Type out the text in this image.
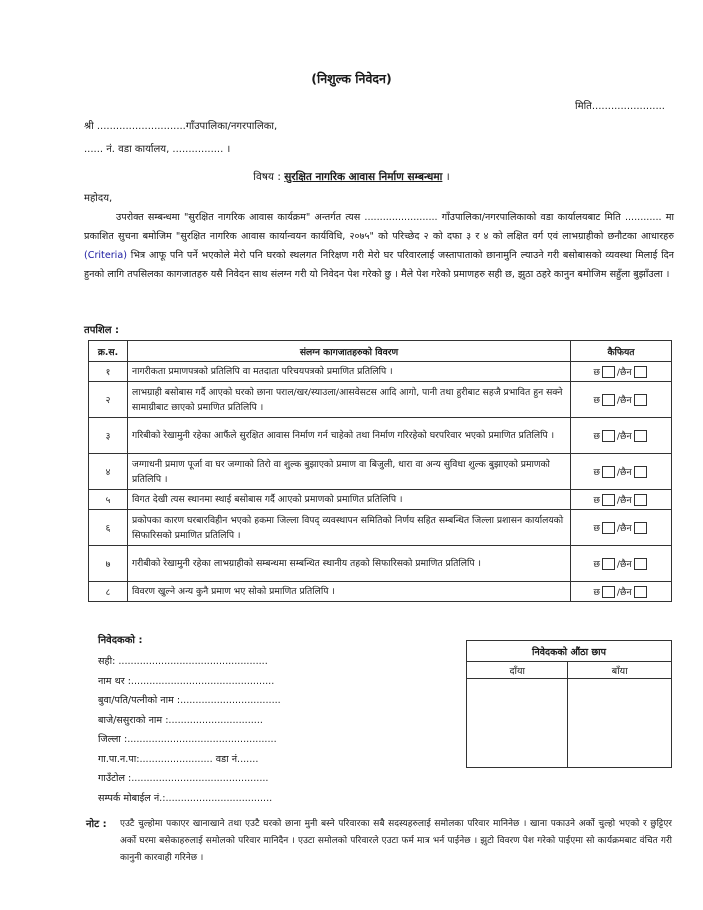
(निशुल्क निवेदन)
मिति.......................
श्री ............................गाँउपालिका/नगरपालिका,
...... नं. वडा कार्यालय, ................ ।
विषय : सुरक्षित नागरिक आवास निर्माण सम्बन्धमा ।
महोदय,
उपरोक्त सम्बन्धमा "सुरक्षित नागरिक आवास कार्यक्रम" अन्तर्गत त्यस ........................ गाँउपालिका/नगरपालिकाको वडा कार्यालयबाट मिति ............ मा प्रकाशित सुचना बमोजिम "सुरक्षित नागरिक आवास कार्यान्वयन कार्यविधि, २०७५" को परिच्छेद २ को दफा ३ र ४ को लक्षित वर्ग एवं लाभग्राहीको छनौटका आधारहरु (Criteria) भित्र आफू पनि पर्ने भएकोले मेरो पनि घरको स्थलगत निरिक्षण गरी मेरो घर परिवारलाई जस्तापाताको छानामुनि ल्याउने गरी बसोबासको व्यवस्था मिलाई दिन हुनको लागि तपसिलका कागजातहरु यसै निवेदन साथ संलग्न गरी यो निवेदन पेश गरेको छु । मैले पेश गरेको प्रमाणहरु सही छ, झुठा ठहरे कानुन बमोजिम सहुँला बुझाँउला ।
तपशिल :
क्र.स.	संलग्न कागजातहरुको विवरण	कैफियत
१	नागरीकता प्रमाणपत्रको प्रतिलिपि वा मतदाता परिचयपत्रको प्रमाणित प्रतिलिपि ।	छ /छैन
२	लाभग्राही बसोबास गर्दै आएको घरको छाना पराल/खर/स्याउला/आसवेसटस आदि आगो, पानी तथा हुरीबाट सहजै प्रभावित हुन सक्ने सामाग्रीबाट छाएको प्रमाणित प्रतिलिपि ।	छ /छैन
३	गरिबीको रेखामुनी रहेका आफैंले सुरक्षित आवास निर्माण गर्न चाहेको तथा निर्माण गरिरहेको घरपरिवार भएको प्रमाणित प्रतिलिपि ।	छ /छैन
४	जग्गाधनी प्रमाण पूर्जा वा घर जग्गाको तिरो वा शुल्क बुझाएको प्रमाण वा बिजुली, धारा वा अन्य सुविधा शुल्क बुझाएको प्रमाणको प्रतिलिपि ।	छ /छैन
५	विगत देखी त्यस स्थानमा स्थाई बसोबास गर्दै आएको प्रमाणको प्रमाणित प्रतिलिपि ।	छ /छैन
६	प्रकोपका कारण घरबारविहीन भएको हकमा जिल्ला विपद् व्यवस्थापन समितिको निर्णय सहित सम्बन्धित जिल्ला प्रशासन कार्यालयको सिफारिसको प्रमाणित प्रतिलिपि ।	छ /छैन
७	गरीबीको रेखामुनी रहेका लाभग्राहीको सम्बन्धमा सम्बन्धित स्थानीय तहको सिफारिसको प्रमाणित प्रतिलिपि ।	छ /छैन
८	विवरण खुल्ने अन्य कुनै प्रमाण भए सोको प्रमाणित प्रतिलिपि ।	छ /छैन
निवेदकको :
सही: .................................................
नाम थर :...............................................
बुवा/पति/पत्नीको नाम :.................................
बाजे/ससुराको नाम :...............................
जिल्ला :.................................................
गा.पा.न.पा:........................ वडा नं.......
गाउँटोल :.............................................
सम्पर्क मोबाईल नं.:...................................
निवेदकको औंठा छाप	
दाँया	बाँया

नोट : एउटै चुल्होमा पकाएर खानाखाने तथा एउटै घरको छाना मुनी बस्ने परिवारका सबै सदस्यहरुलाई समोलका परिवार मानिनेछ । खाना पकाउने अर्को चुल्हो भएको र छुट्टिएर अर्को घरमा बसेकाहरुलाई समोलको परिवार मानिदैन । एउटा समोलको परिवारले एउटा फर्म मात्र भर्न पाईनेछ । झुटो विवरण पेश गरेको पाईएमा सो कार्यक्रमबाट वंचित गरी कानुनी कारवाही गरिनेछ ।
